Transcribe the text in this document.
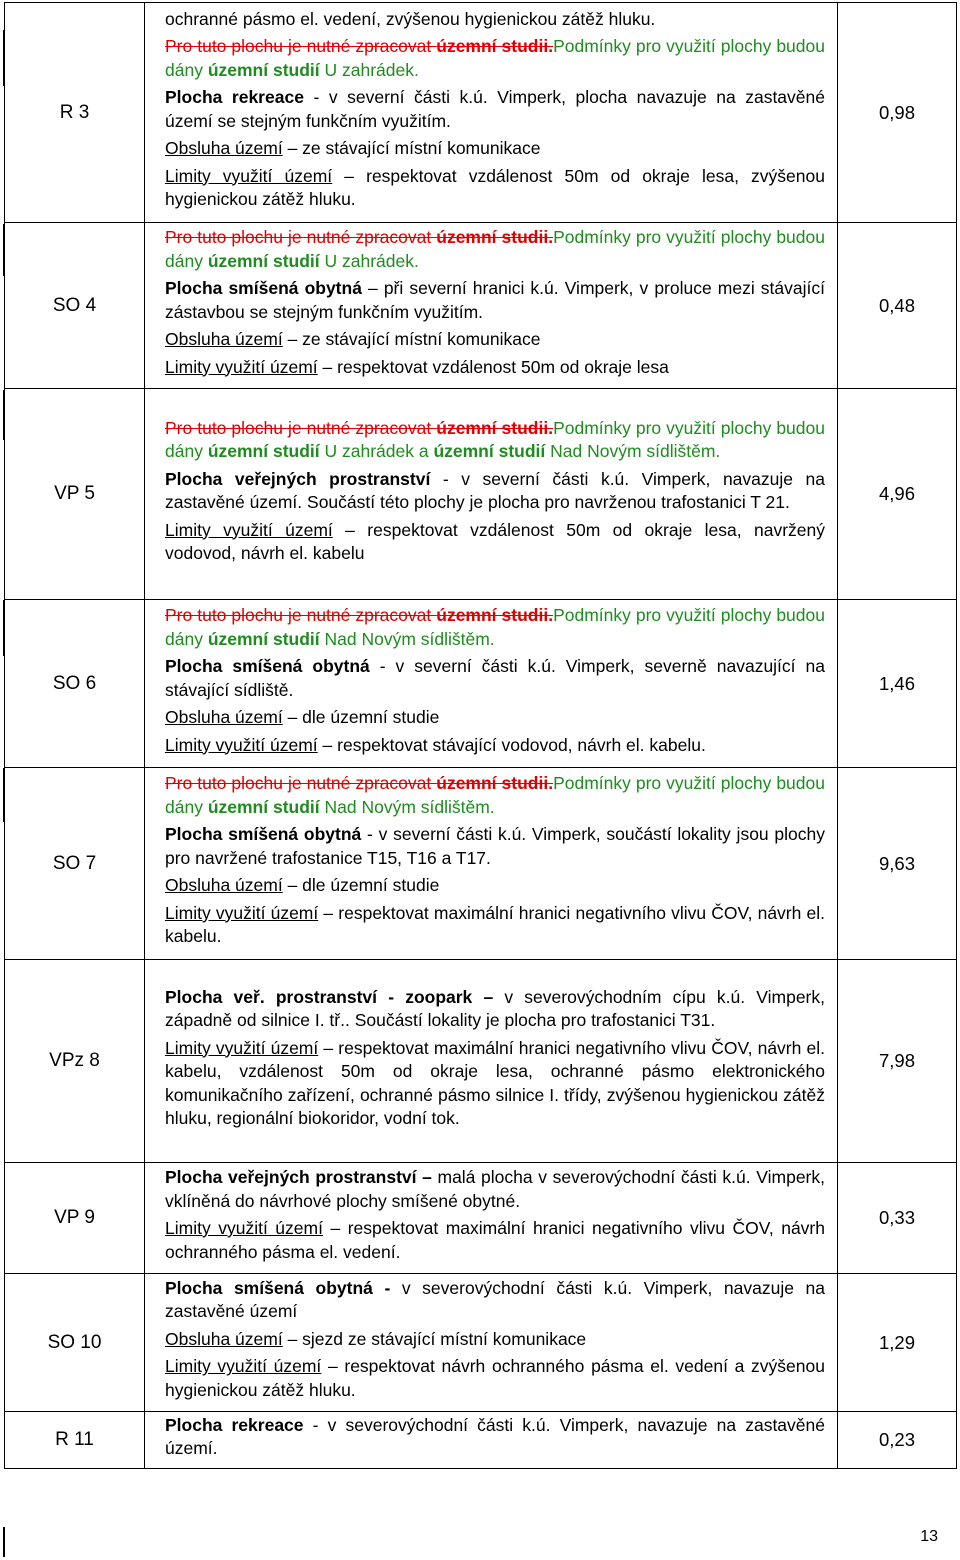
R 3	ochranné pásmo el. vedení, zvýšenou hygienickou zátěž hluku.
Pro tuto plochu je nutné zpracovat územní studii.Podmínky pro využití plochy budou dány územní studií U zahrádek.
Plocha rekreace - v severní části k.ú. Vimperk, plocha navazuje na zastavěné území se stejným funkčním využitím.
Obsluha území – ze stávající místní komunikace
Limity využití území – respektovat vzdálenost 50m od okraje lesa, zvýšenou hygienickou zátěž hluku.	0,98
SO 4	Pro tuto plochu je nutné zpracovat územní studii.Podmínky pro využití plochy budou dány územní studií U zahrádek.
Plocha smíšená obytná – při severní hranici k.ú. Vimperk, v proluce mezi stávající zástavbou se stejným funkčním využitím.
Obsluha území – ze stávající místní komunikace
Limity využití území – respektovat vzdálenost 50m od okraje lesa	0,48
VP 5	Pro tuto plochu je nutné zpracovat územní studii.Podmínky pro využití plochy budou dány územní studií U zahrádek a územní studií Nad Novým sídlištěm.
Plocha veřejných prostranství - v severní části k.ú. Vimperk, navazuje na zastavěné území. Součástí této plochy je plocha pro navrženou trafostanici T 21.
Limity využití území – respektovat vzdálenost 50m od okraje lesa, navržený vodovod, návrh el. kabelu	4,96
SO 6	Pro tuto plochu je nutné zpracovat územní studii.Podmínky pro využití plochy budou dány územní studií Nad Novým sídlištěm.
Plocha smíšená obytná - v severní části k.ú. Vimperk, severně navazující na stávající sídliště.
Obsluha území – dle územní studie
Limity využití území – respektovat stávající vodovod, návrh el. kabelu.	1,46
SO 7	Pro tuto plochu je nutné zpracovat územní studii.Podmínky pro využití plochy budou dány územní studií Nad Novým sídlištěm.
Plocha smíšená obytná - v severní části k.ú. Vimperk, součástí lokality jsou plochy pro navržené trafostanice T15, T16 a T17.
Obsluha území – dle územní studie
Limity využití území – respektovat maximální hranici negativního vlivu ČOV, návrh el. kabelu.	9,63
VPz 8	Plocha veř. prostranství - zoopark – v severovýchodním cípu k.ú. Vimperk, západně od silnice I. tř.. Součástí lokality je plocha pro trafostanici T31.
Limity využití území – respektovat maximální hranici negativního vlivu ČOV, návrh el. kabelu, vzdálenost 50m od okraje lesa, ochranné pásmo elektronického komunikačního zařízení, ochranné pásmo silnice I. třídy, zvýšenou hygienickou zátěž hluku, regionální biokoridor, vodní tok.	7,98
VP 9	Plocha veřejných prostranství – malá plocha v severovýchodní části k.ú. Vimperk, vklíněná do návrhové plochy smíšené obytné.
Limity využití území – respektovat maximální hranici negativního vlivu ČOV, návrh ochranného pásma el. vedení.	0,33
SO 10	Plocha smíšená obytná - v severovýchodní části k.ú. Vimperk, navazuje na zastavěné území
Obsluha území – sjezd ze stávající místní komunikace
Limity využití území – respektovat návrh ochranného pásma el. vedení a zvýšenou hygienickou zátěž hluku.	1,29
R 11	Plocha rekreace - v severovýchodní části k.ú. Vimperk, navazuje na zastavěné území.	0,23
13
